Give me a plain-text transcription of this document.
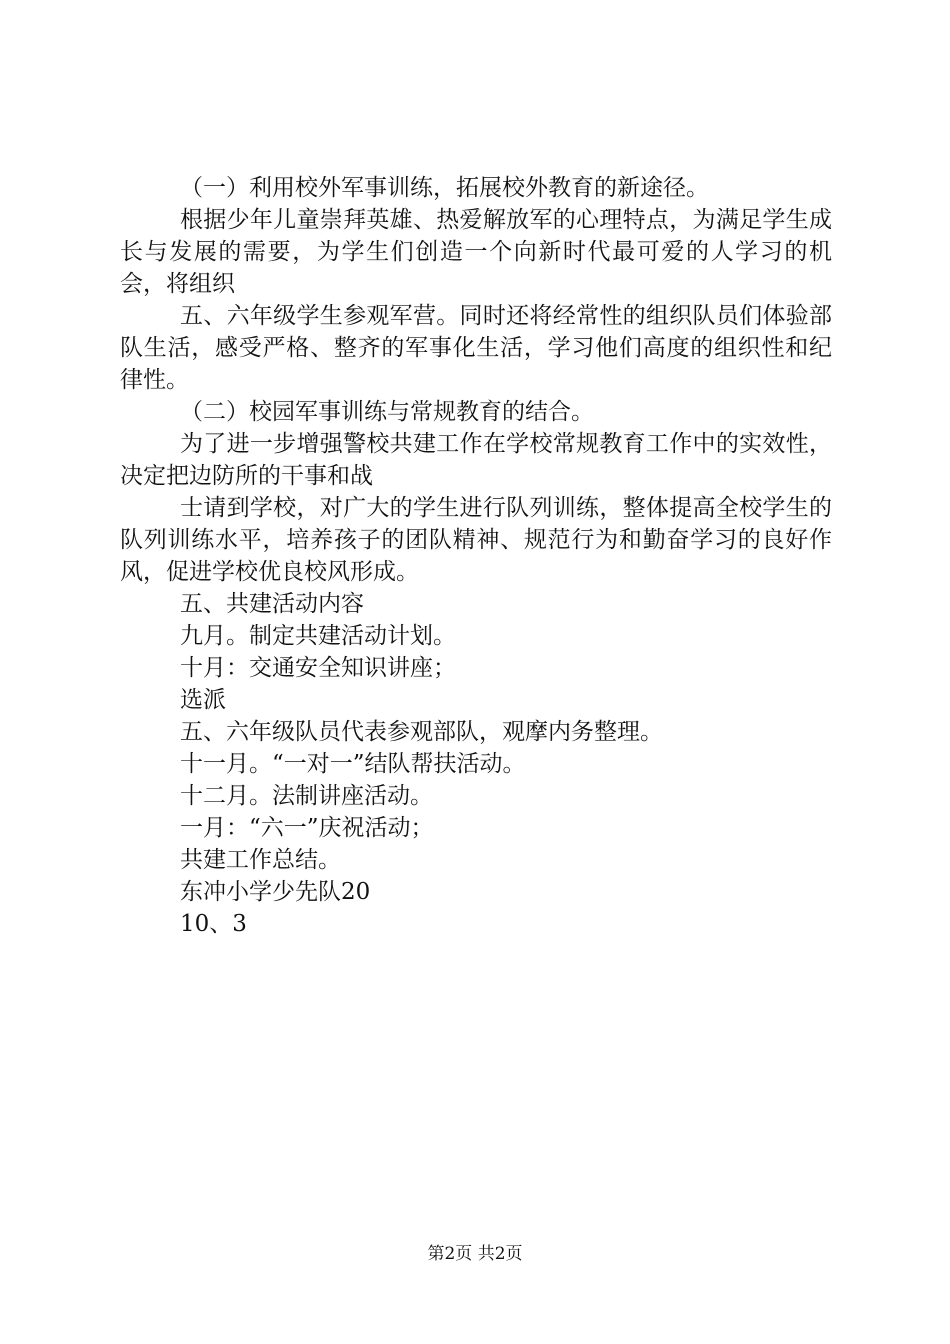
（一）利用校外军事训练，拓展校外教育的新途径。

根据少年儿童崇拜英雄、热爱解放军的心理特点，为满足学生成长与发展的需要，为学生们创造一个向新时代最可爱的人学习的机会，将组织

五、六年级学生参观军营。同时还将经常性的组织队员们体验部队生活，感受严格、整齐的军事化生活，学习他们高度的组织性和纪律性。

（二）校园军事训练与常规教育的结合。

为了进一步增强警校共建工作在学校常规教育工作中的实效性，决定把边防所的干事和战

士请到学校，对广大的学生进行队列训练，整体提高全校学生的队列训练水平，培养孩子的团队精神、规范行为和勤奋学习的良好作风，促进学校优良校风形成。

五、共建活动内容

九月。制定共建活动计划。

十月：交通安全知识讲座；

选派

五、六年级队员代表参观部队，观摩内务整理。

十一月。“一对一”结队帮扶活动。

十二月。法制讲座活动。

一月：“六一”庆祝活动；

共建工作总结。

东冲小学少先队20

10、3

第2页 共2页
